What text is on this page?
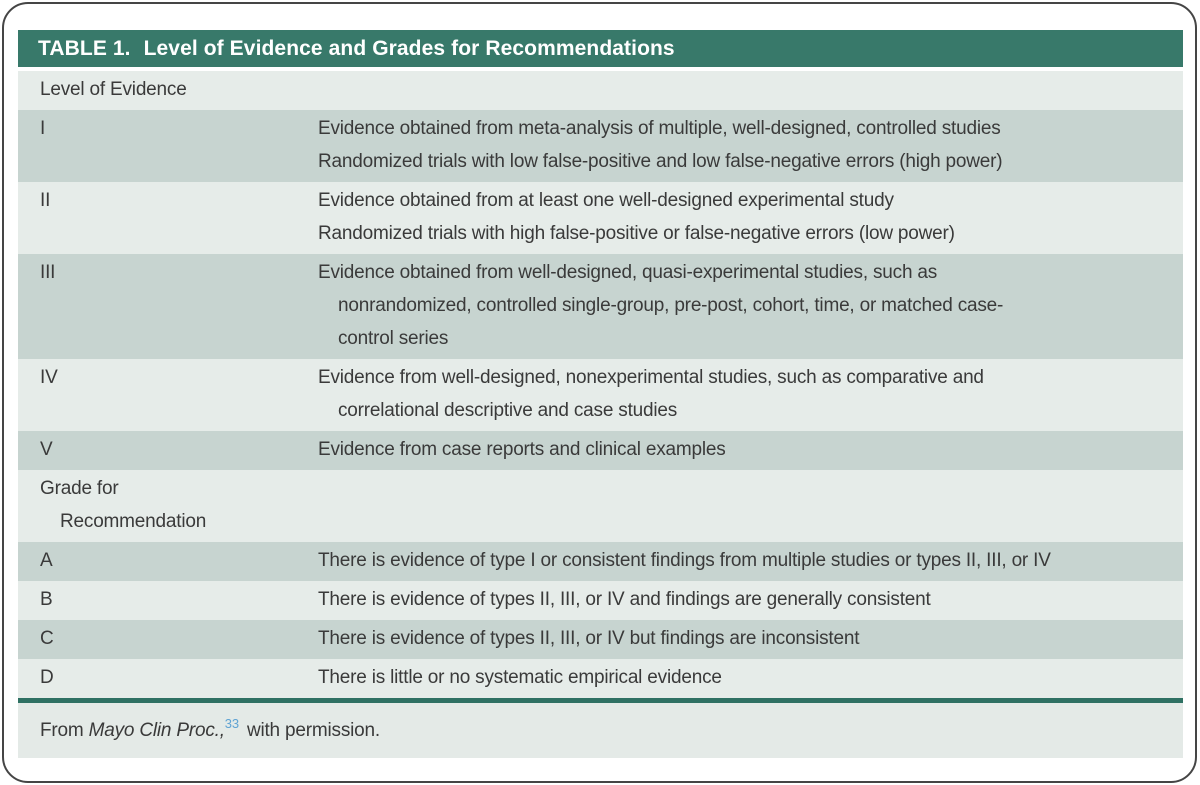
TABLE 1. Level of Evidence and Grades for Recommendations
Level of Evidence
I	Evidence obtained from meta-analysis of multiple, well-designed, controlled studies
Randomized trials with low false-positive and low false-negative errors (high power)
II	Evidence obtained from at least one well-designed experimental study
Randomized trials with high false-positive or false-negative errors (low power)
III	Evidence obtained from well-designed, quasi-experimental studies, such as
nonrandomized, controlled single-group, pre-post, cohort, time, or matched case-
control series
IV	Evidence from well-designed, nonexperimental studies, such as comparative and
correlational descriptive and case studies
V	Evidence from case reports and clinical examples
Grade for
Recommendation
A	There is evidence of type I or consistent findings from multiple studies or types II, III, or IV
B	There is evidence of types II, III, or IV and findings are generally consistent
C	There is evidence of types II, III, or IV but findings are inconsistent
D	There is little or no systematic empirical evidence
From Mayo Clin Proc.,$^{33}$ with permission.
